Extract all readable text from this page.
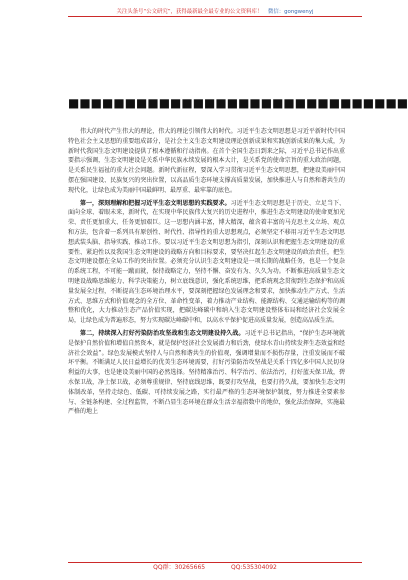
关注头条号“公文研究”，获得最新最全最专业的公文资料库！ 微信：gongwenyj
■■■■■■■■■■■■■■■■■■■■■■■■■■■■■■

伟大的时代产生伟大的理论，伟大的理论引领伟大的时代。习近平生态文明思想是习近平新时代中国特色社会主义思想的重要组成部分，是社会主义生态文明建设理论创新成果和实践创新成果的集大成，为新时代我国生态文明建设提供了根本遵循和行动指南。在首个全国生态日到来之际，习近平总书记作出重要指示强调，生态文明建设是关系中华民族永续发展的根本大计，是关系党的使命宗旨的重大政治问题，是关系民生福祉的重大社会问题。新时代新征程，要深入学习贯彻习近平生态文明思想，把建设美丽中国摆在强国建设、民族复兴的突出位置，以高品质生态环境支撑高质量发展，加快推进人与自然和谐共生的现代化，让绿色成为美丽中国最鲜明、最厚重、最牢靠的底色。

第一，深刻理解和把握习近平生态文明思想的实践要求。习近平生态文明思想是于历史、立足当下、面向全球、着眼未来，新时代，在实现中华民族伟大复兴的历史进程中，推进生态文明建设的使命更加光荣、责任更加重大、任务更加艰巨。这一思想内涵丰富，博大精深，蕴含着丰富的马克思主义立场、观点和方法，包含着一系列具有原创性、时代性、指导性的重大思想观点，必须坚定不移用习近平生态文明思想武装头脑、指导实践、推动工作。要以习近平生态文明思想为指引，深刻认识和把握生态文明建设的重要性、紧迫性以及我国生态文明建设的战略方向和目标要求，要坚决扛起生态文明建设的政治责任，把生态文明建设摆在全局工作的突出位置。必须充分认识生态文明建设是一项长期的战略任务，也是一个复杂的系统工程，不可能一蹴而就，保持战略定力，坚持不懈、奋发有为、久久为功。不断推进高质量生态文明建设战略思维能力、科学决策能力，树立底线意识，强化系统思维，把系统观念贯彻到生态保护和高质量发展全过程，不断提高生态环境治理水平，要深刻把握绿色发展理念和要求，加快推动生产方式、生活方式、思维方式和价值观念的全方位、革命性变革，着力推动产业结构、能源结构、交通运输结构等的调整和优化，大力推动生态产品价值实现，把碳达峰碳中和纳入生态文明建设整体布局和经济社会发展全局，让绿色成为普遍形态，努力实现碳达峰碳中和，以高水平保护促进高质量发展，创造高品质生活。

第二，持续深入打好污染防治攻坚战和生态文明建设持久战。习近平总书记指出，“保护生态环境就是保护自然价值和增值自然资本，就是保护经济社会发展潜力和后劲，使绿水青山持续发挥生态效益和经济社会效益”。绿色发展模式坚持人与自然和谐共生的价值观，强调增量而不损伤存量，注重发展而不破坏平衡。不断满足人民日益增长的优美生态环境需要，打好污染防治攻坚战是关系十四亿多中国人民切身利益的大事，也是建设美丽中国的必然选择。坚持精准治污、科学治污、依法治污，打好蓝天保卫战，碧水保卫战，净土保卫战，必须尊重规律、坚持底线思维，既要打攻坚战，也要打持久战，要加快生态文明体制改革，坚持走绿色、低碳、可持续发展之路，实行最严格的生态环境保护制度，努力推进全要素参与、全链条构建、全过程监管，不断凸显生态环境在群众生活幸福指数中的地位，强化法治保障，实施最严格的地上

QQ群：30265665	QQ:535304092
